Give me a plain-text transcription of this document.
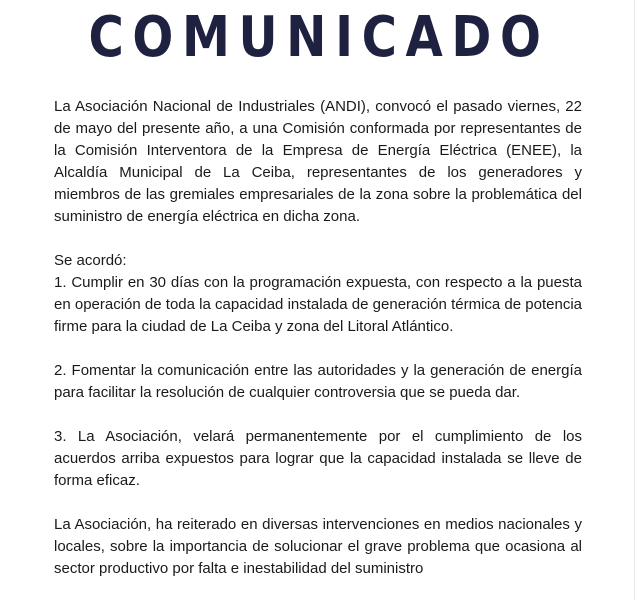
COMUNICADO

La Asociación Nacional de Industriales (ANDI), convocó el pasado viernes, 22 de mayo del presente año, a una Comisión conformada por representantes de la Comisión Interventora de la Empresa de Energía Eléctrica (ENEE), la Alcaldía Municipal de La Ceiba, representantes de los generadores y miembros de las gremiales empresariales de la zona sobre la problemática del suministro de energía eléctrica en dicha zona.

Se acordó:

1. Cumplir en 30 días con la programación expuesta, con respecto a la puesta en operación de toda la capacidad instalada de generación térmica de potencia firme para la ciudad de La Ceiba y zona del Litoral Atlántico.

2. Fomentar la comunicación entre las autoridades y la generación de energía para facilitar la resolución de cualquier controversia que se pueda dar.

3. La Asociación, velará permanentemente por el cumplimiento de los acuerdos arriba expuestos para lograr que la capacidad instalada se lleve de forma eficaz.

La Asociación, ha reiterado en diversas intervenciones en medios nacionales y locales, sobre la importancia de solucionar el grave problema que ocasiona al sector productivo por falta e inestabilidad del suministro
